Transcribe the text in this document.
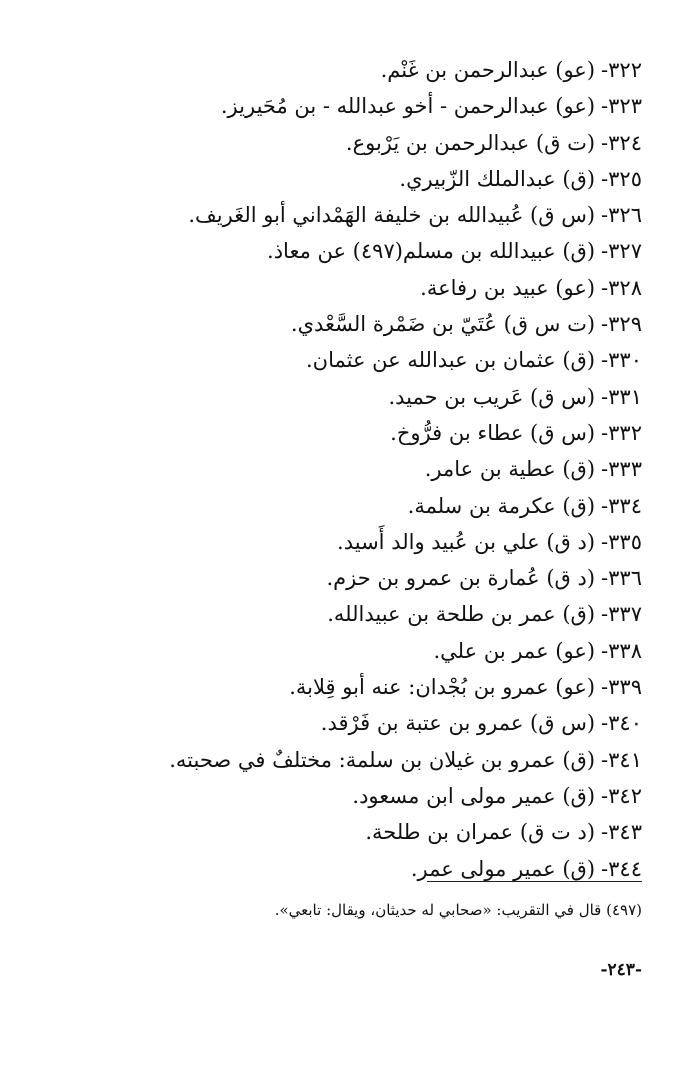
٣٢٢-
(عو) عبدالرحمن بن غَنْم.
٣٢٣-
(عو) عبدالرحمن - أخو عبدالله - بن مُحَيريز.
٣٢٤-
(ت ق) عبدالرحمن بن يَرْبوع.
٣٢٥-
(ق) عبدالملك الزّبيري.
٣٢٦-
(س ق) عُبيدالله بن خليفة الهَمْداني أبو الغَريف.
٣٢٧-
(ق) عبيدالله بن مسلم(٤٩٧) عن معاذ.
٣٢٨-
(عو) عبيد بن رفاعة.
٣٢٩-
(ت س ق) عُتَيّ بن ضَمْرة السَّعْدي.
٣٣٠-
(ق) عثمان بن عبدالله عن عثمان.
٣٣١-
(س ق) عَريب بن حميد.
٣٣٢-
(س ق) عطاء بن فرُّوخ.
٣٣٣-
(ق) عطية بن عامر.
٣٣٤-
(ق) عكرمة بن سلمة.
٣٣٥-
(د ق) علي بن عُبيد والد أَسيد.
٣٣٦-
(د ق) عُمارة بن عمرو بن حزم.
٣٣٧-
(ق) عمر بن طلحة بن عبيدالله.
٣٣٨-
(عو) عمر بن علي.
٣٣٩-
(عو) عمرو بن بُجْدان: عنه أبو قِلابة.
٣٤٠-
(س ق) عمرو بن عتبة بن فَرْقد.
٣٤١-
(ق) عمرو بن غيلان بن سلمة: مختلفٌ في صحبته.
٣٤٢-
(ق) عمير مولى ابن مسعود.
٣٤٣-
(د ت ق) عمران بن طلحة.
٣٤٤-
(ق) عمير مولى عمر.
(٤٩٧) قال في التقريب: «صحابي له حديثان، ويقال: تابعي».
-٢٤٣-
